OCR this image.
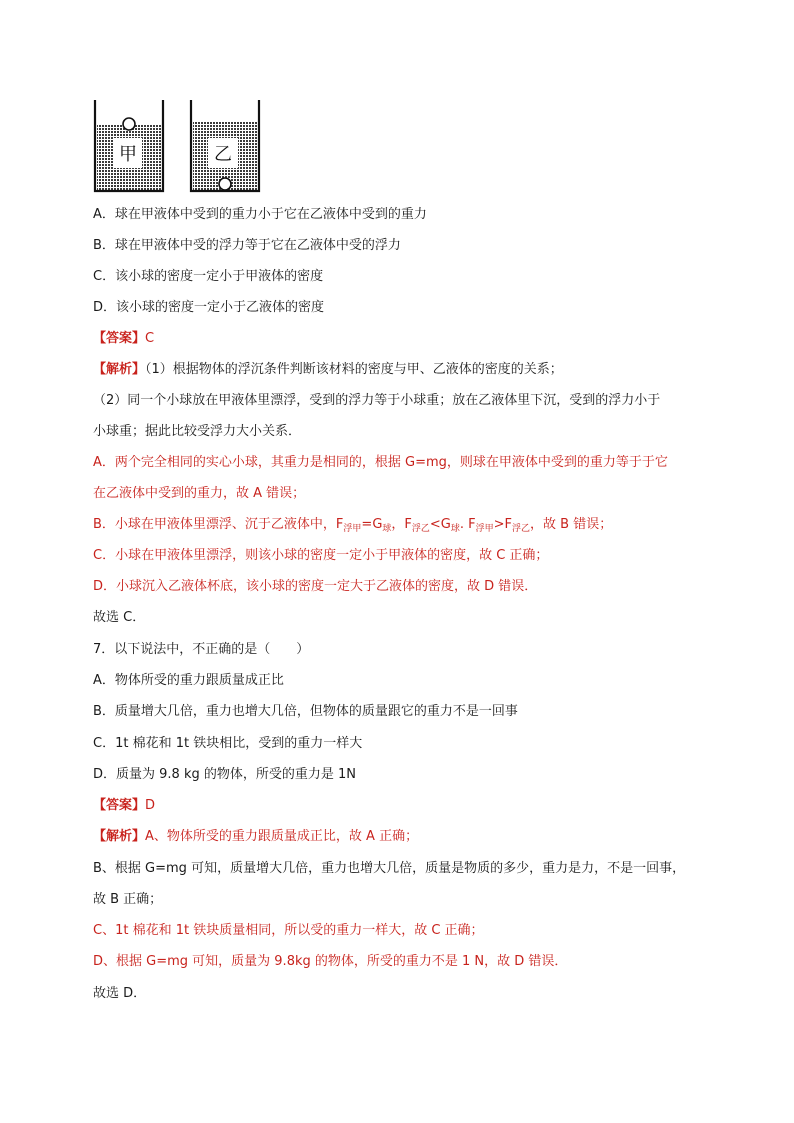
甲	乙
A．球在甲液体中受到的重力小于它在乙液体中受到的重力
B．球在甲液体中受的浮力等于它在乙液体中受的浮力
C．该小球的密度一定小于甲液体的密度
D．该小球的密度一定小于乙液体的密度
【答案】C
【解析】（1）根据物体的浮沉条件判断该材料的密度与甲、乙液体的密度的关系；
（2）同一个小球放在甲液体里漂浮，受到的浮力等于小球重；放在乙液体里下沉，受到的浮力小于
小球重；据此比较受浮力大小关系．
A．两个完全相同的实心小球，其重力是相同的，根据 G=mg，则球在甲液体中受到的重力等于于它
在乙液体中受到的重力，故 A 错误；
B．小球在甲液体里漂浮、沉于乙液体中，$F_{浮甲}=G_球$，$F_{浮乙}<G_球$. $F_{浮甲}>F_{浮乙}$，故 B 错误；
C．小球在甲液体里漂浮，则该小球的密度一定小于甲液体的密度，故 C 正确；
D．小球沉入乙液体杯底，该小球的密度一定大于乙液体的密度，故 D 错误．
故选 C．
7．以下说法中，不正确的是（　　）
A．物体所受的重力跟质量成正比
B．质量增大几倍，重力也增大几倍，但物体的质量跟它的重力不是一回事
C．1t 棉花和 1t 铁块相比，受到的重力一样大
D．质量为 9.8 kg 的物体，所受的重力是 1N
【答案】D
【解析】A、物体所受的重力跟质量成正比，故 A 正确；
B、根据 G=mg 可知，质量增大几倍，重力也增大几倍，质量是物质的多少，重力是力，不是一回事，
故 B 正确；
C、1t 棉花和 1t 铁块质量相同，所以受的重力一样大，故 C 正确；
D、根据 G=mg 可知，质量为 9.8kg 的物体，所受的重力不是 1 N，故 D 错误．
故选 D．
